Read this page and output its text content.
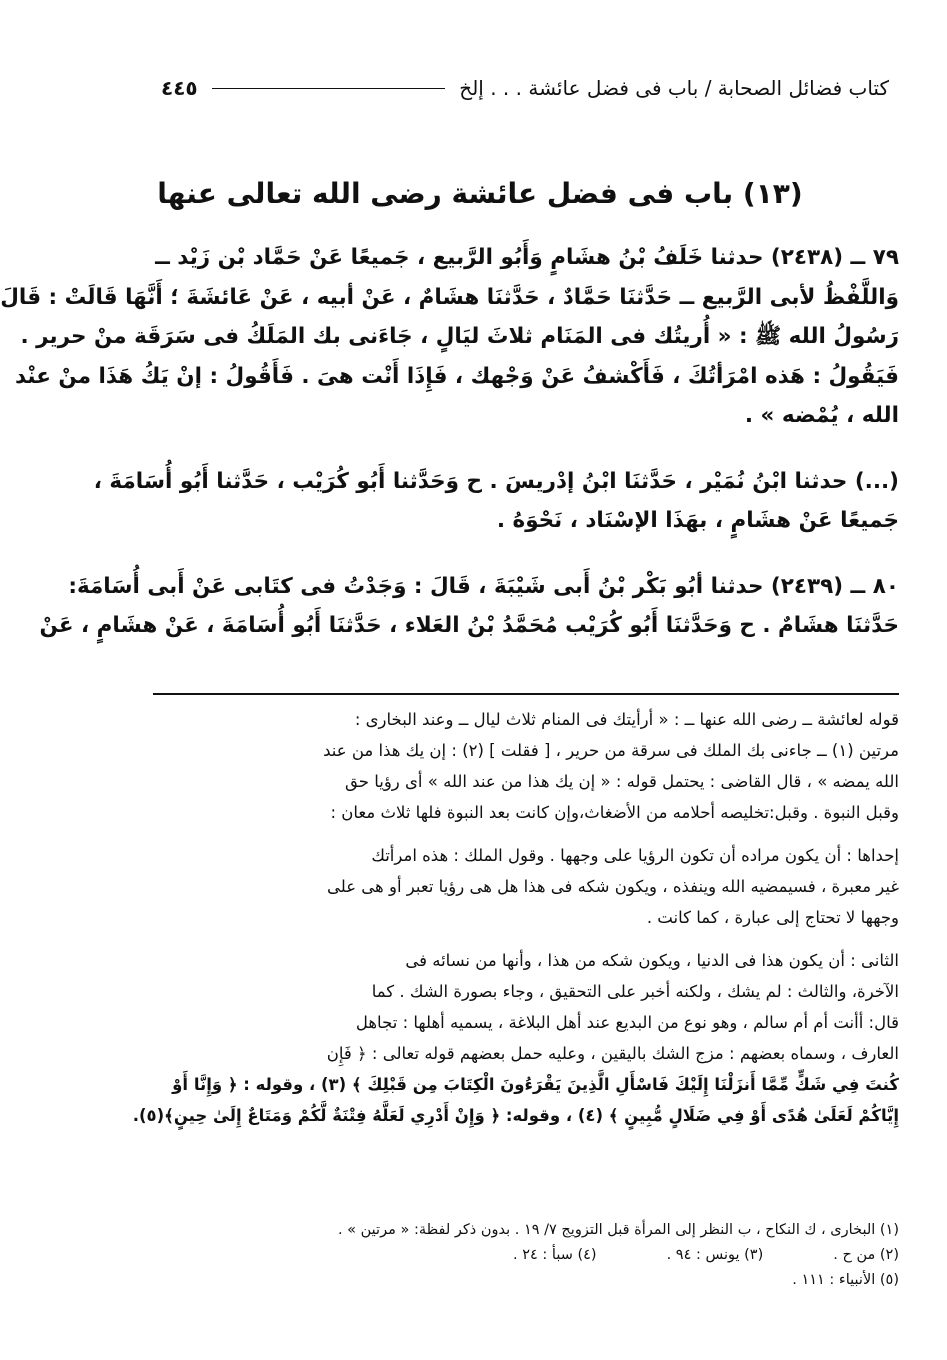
كتاب فضائل الصحابة / باب فى فضل عائشة . . . إلخ
٤٤٥
(١٣) باب فى فضل عائشة رضى الله تعالى عنها

٧٩ ــ (٢٤٣٨) حدثنا خَلَفُ بْنُ هشَامٍ وَأَبُو الرَّبيع ، جَميعًا عَنْ حَمَّاد بْن زَيْد ــ
وَاللَّفْظُ لأبى الرَّبيع ــ حَدَّثنَا حَمَّادٌ ، حَدَّثنَا هشَامٌ ، عَنْ أبيه ، عَنْ عَائشَةَ ؛ أَنَّهَا قَالَتْ : قَالَ
رَسُولُ الله ﷺ : « أُريتُك فى المَنَام ثلاثَ ليَالٍ ، جَاءَنى بك المَلَكُ فى سَرَقَة منْ حرير .
فَيَقُولُ : هَذه امْرَأتُكَ ، فَأَكْشفُ عَنْ وَجْهك ، فَإِذَا أَنْت هىَ . فَأَقُولُ : إنْ يَكُ هَذَا منْ عنْد
الله ، يُمْضه » .

(...) حدثنا ابْنُ نُمَيْر ، حَدَّثنَا ابْنُ إدْريسَ . ح وَحَدَّثنا أَبُو كُرَيْب ، حَدَّثنا أَبُو أُسَامَةَ ،
جَميعًا عَنْ هشَامٍ ، بهَذَا الإسْنَاد ، نَحْوَهُ .

٨٠ ــ (٢٤٣٩) حدثنا أبُو بَكْر بْنُ أَبى شَيْبَةَ ، قَالَ : وَجَدْتُ فى كتَابى عَنْ أَبى أُسَامَةَ:
حَدَّثنَا هشَامٌ . ح وَحَدَّثنَا أَبُو كُرَيْب مُحَمَّدُ بْنُ العَلاء ، حَدَّثنَا أَبُو أُسَامَةَ ، عَنْ هشَامٍ ، عَنْ

قوله لعائشة ــ رضى الله عنها ــ : « أرأيتك فى المنام ثلاث ليال ــ وعند البخارى :
مرتين (١) ــ جاءنى بك الملك فى سرقة من حرير ، [ فقلت ] (٢) : إن يك هذا من عند
الله يمضه » ، قال القاضى : يحتمل قوله : « إن يك هذا من عند الله » أى رؤيا حق
وقبل النبوة . وقبل:تخليصه أحلامه من الأضغاث،وإن كانت بعد النبوة فلها ثلاث معان :

إحداها : أن يكون مراده أن تكون الرؤيا على وجهها . وقول الملك : هذه امرأتك
غير معبرة ، فسيمضيه الله وينفذه ، ويكون شكه فى هذا هل هى رؤيا تعبر أو هى على
وجهها لا تحتاج إلى عبارة ، كما كانت .

الثانى : أن يكون هذا فى الدنيا ، ويكون شكه من هذا ، وأنها من نسائه فى
الآخرة، والثالث : لم يشك ، ولكنه أخبر على التحقيق ، وجاء بصورة الشك . كما
قال: أأنت أم أم سالم ، وهو نوع من البديع عند أهل البلاغة ، يسميه أهلها : تجاهل
العارف ، وسماه بعضهم : مزج الشك باليقين ، وعليه حمل بعضهم قوله تعالى : ﴿ فَإِن
كُنتَ فِي شَكٍّ مِّمَّا أَنزَلْنَا إِلَيْكَ فَاسْأَلِ الَّذِينَ يَقْرَءُونَ الْكِتَابَ مِن قَبْلِكَ ﴾ (٣) ، وقوله : ﴿ وَإِنَّا أَوْ
إِيَّاكُمْ لَعَلَىٰ هُدًى أَوْ فِي ضَلَالٍ مُّبِينٍ ﴾ (٤) ، وقوله: ﴿ وَإِنْ أَدْرِي لَعَلَّهُ فِتْنَةٌ لَّكُمْ وَمَتَاعٌ إِلَىٰ حِينٍ﴾(٥).

(١) البخارى ، ك النكاح ، ب النظر إلى المرأة قبل التزويج ٧/ ١٩ . بدون ذكر لفظة: « مرتين » .
(٢) من ح .
(٣) يونس : ٩٤ .
(٤) سبأ : ٢٤ .
(٥) الأنبياء : ١١١ .
